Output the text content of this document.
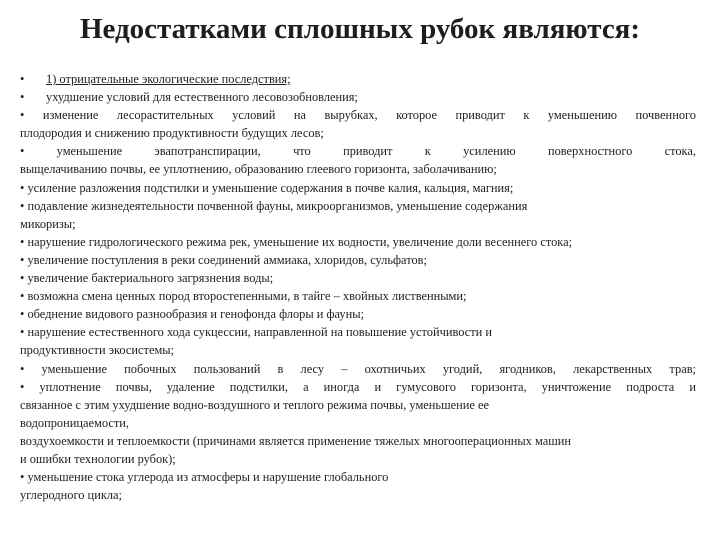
Недостатками сплошных рубок являются:
• 1) отрицательные экологические последствия;
• ухудшение условий для естественного лесовозобновления;
• изменение лесорастительных условий на вырубках, которое приводит к уменьшению почвенного
плодородия и снижению продуктивности будущих лесов;
•	уменьшение эвапотранспирации, что приводит к усилению поверхностного стока,
выщелачиванию почвы, ее уплотнению, образованию глеевого горизонта, заболачиванию;
• усиление разложения подстилки и уменьшение содержания в почве калия, кальция, магния;
• подавление жизнедеятельности почвенной фауны, микроорганизмов, уменьшение содержания
микоризы;
• нарушение гидрологического режима рек, уменьшение их водности, увеличение доли весеннего стока;
• увеличение поступления в реки соединений аммиака, хлоридов, сульфатов;
• увеличение бактериального загрязнения воды;
• возможна смена ценных пород второстепенными, в тайге – хвойных лиственными;
• обеднение видового разнообразия и генофонда флоры и фауны;
• нарушение естественного хода сукцессии, направленной на повышение устойчивости и
продуктивности экосистемы;
• уменьшение побочных пользований в лесу – охотничьих угодий, ягодников, лекарственных трав;
• уплотнение почвы, удаление подстилки, а иногда и гумусового горизонта, уничтожение подроста и
связанное с этим ухудшение водно-воздушного и теплого режима почвы, уменьшение ее
водопроницаемости,
воздухоемкости и теплоемкости (причинами является применение тяжелых многооперационных машин
и ошибки технологии рубок);
• уменьшение стока углерода из атмосферы и нарушение глобального
углеродного цикла;
